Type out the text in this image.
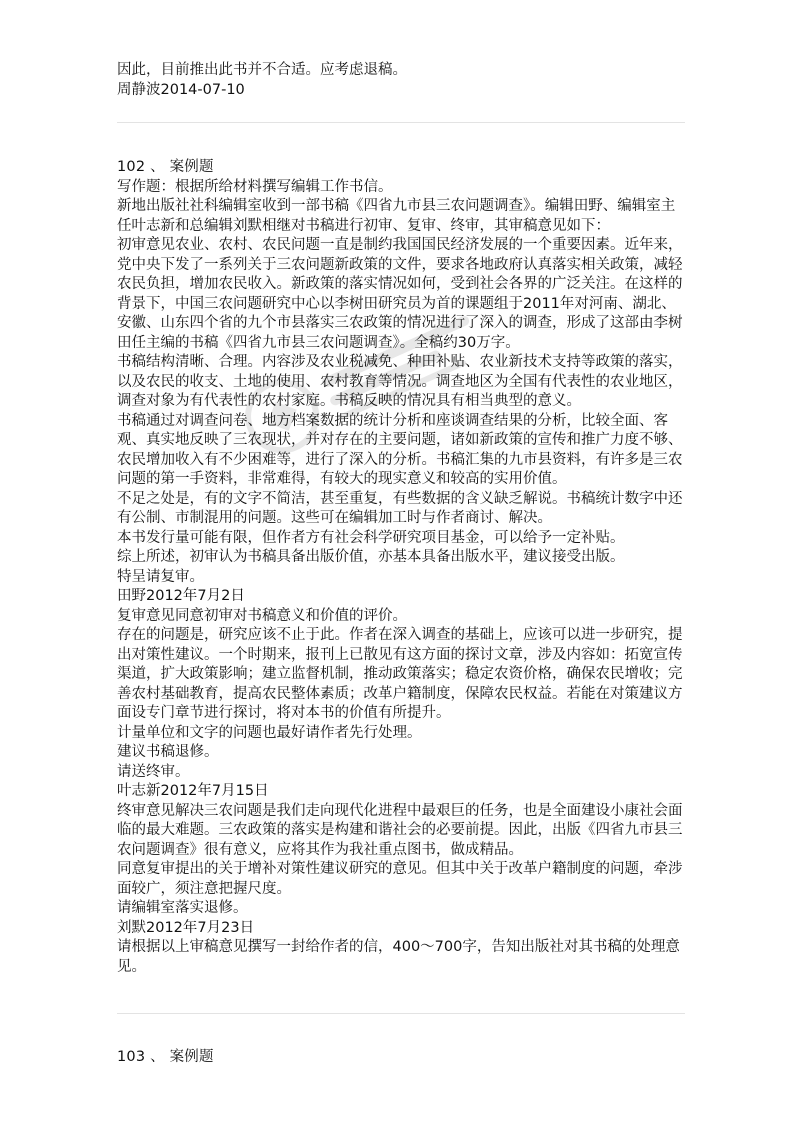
因此，目前推出此书并不合适。应考虑退稿。

周静波2014-07-10

102 、 案例题

写作题：根据所给材料撰写编辑工作书信。

新地出版社社科编辑室收到一部书稿《四省九市县三农问题调查》。编辑田野、编辑室主任叶志新和总编辑刘默相继对书稿进行初审、复审、终审，其审稿意见如下：

初审意见农业、农村、农民问题一直是制约我国国民经济发展的一个重要因素。近年来，党中央下发了一系列关于三农问题新政策的文件，要求各地政府认真落实相关政策，减轻农民负担，增加农民收入。新政策的落实情况如何，受到社会各界的广泛关注。在这样的背景下，中国三农问题研究中心以李树田研究员为首的课题组于2011年对河南、湖北、安徽、山东四个省的九个市县落实三农政策的情况进行了深入的调查，形成了这部由李树田任主编的书稿《四省九市县三农问题调查》。全稿约30万字。

书稿结构清晰、合理。内容涉及农业税减免、种田补贴、农业新技术支持等政策的落实，以及农民的收支、土地的使用、农村教育等情况。调查地区为全国有代表性的农业地区，调查对象为有代表性的农村家庭。书稿反映的情况具有相当典型的意义。

书稿通过对调查问卷、地方档案数据的统计分析和座谈调查结果的分析，比较全面、客观、真实地反映了三农现状，并对存在的主要问题，诸如新政策的宣传和推广力度不够、农民增加收入有不少困难等，进行了深入的分析。书稿汇集的九市县资料，有许多是三农问题的第一手资料，非常难得，有较大的现实意义和较高的实用价值。

不足之处是，有的文字不简洁，甚至重复，有些数据的含义缺乏解说。书稿统计数字中还有公制、市制混用的问题。这些可在编辑加工时与作者商讨、解决。

本书发行量可能有限，但作者方有社会科学研究项目基金，可以给予一定补贴。

综上所述，初审认为书稿具备出版价值，亦基本具备出版水平，建议接受出版。

特呈请复审。

田野2012年7月2日

复审意见同意初审对书稿意义和价值的评价。

存在的问题是，研究应该不止于此。作者在深入调查的基础上，应该可以进一步研究，提出对策性建议。一个时期来，报刊上已散见有这方面的探讨文章，涉及内容如：拓宽宣传渠道，扩大政策影响；建立监督机制，推动政策落实；稳定农资价格，确保农民增收；完善农村基础教育，提高农民整体素质；改革户籍制度，保障农民权益。若能在对策建议方面设专门章节进行探讨，将对本书的价值有所提升。

计量单位和文字的问题也最好请作者先行处理。

建议书稿退修。

请送终审。

叶志新2012年7月15日

终审意见解决三农问题是我们走向现代化进程中最艰巨的任务，也是全面建设小康社会面临的最大难题。三农政策的落实是构建和谐社会的必要前提。因此，出版《四省九市县三农问题调查》很有意义，应将其作为我社重点图书，做成精品。

同意复审提出的关于增补对策性建议研究的意见。但其中关于改革户籍制度的问题，牵涉面较广，须注意把握尺度。

请编辑室落实退修。

刘默2012年7月23日

请根据以上审稿意见撰写一封给作者的信，400～700字，告知出版社对其书稿的处理意见。

103 、 案例题
